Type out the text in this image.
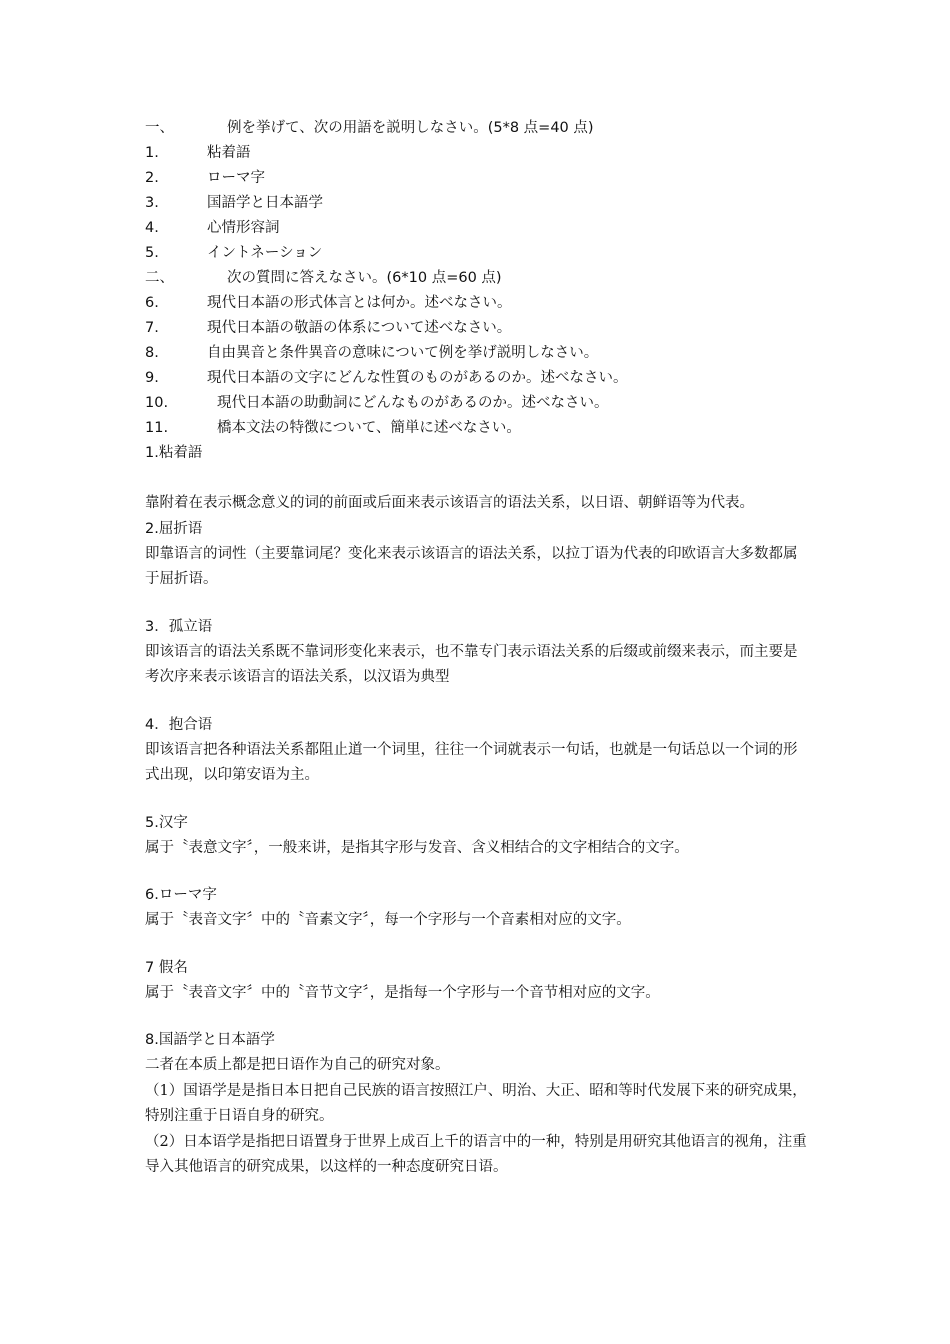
一、	例を挙げて、次の用語を説明しなさい。(5*8 点=40 点)
1.	粘着語
2.	ローマ字
3.	国語学と日本語学
4.	心情形容詞
5.	イントネーション
二、	次の質問に答えなさい。(6*10 点=60 点)
6.	現代日本語の形式体言とは何か。述べなさい。
7.	現代日本語の敬語の体系について述べなさい。
8.	自由異音と条件異音の意味について例を挙げ説明しなさい。
9.	現代日本語の文字にどんな性質のものがあるのか。述べなさい。
10.	現代日本語の助動詞にどんなものがあるのか。述べなさい。
11.	橋本文法の特徴について、簡単に述べなさい。
1.粘着語
靠附着在表示概念意义的词的前面或后面来表示该语言的语法关系，以日语、朝鲜语等为代表。
2.屈折语
即靠语言的词性（主要靠词尾？变化来表示该语言的语法关系，以拉丁语为代表的印欧语言大多数都属于屈折语。
3．孤立语
即该语言的语法关系既不靠词形变化来表示，也不靠专门表示语法关系的后缀或前缀来表示，而主要是考次序来表示该语言的语法关系，以汉语为典型
4．抱合语
即该语言把各种语法关系都阻止道一个词里，往往一个词就表示一句话，也就是一句话总以一个词的形式出现，以印第安语为主。
5.汉字
属于〝表意文字〞，一般来讲，是指其字形与发音、含义相结合的文字相结合的文字。
6.ローマ字
属于〝表音文字〞中的〝音素文字〞，每一个字形与一个音素相对应的文字。
7 假名
属于〝表音文字〞中的〝音节文字〞，是指每一个字形与一个音节相对应的文字。
8.国語学と日本語学
二者在本质上都是把日语作为自己的研究对象。
（1）国语学是是指日本日把自己民族的语言按照江户、明治、大正、昭和等时代发展下来的研究成果，特别注重于日语自身的研究。
（2）日本语学是指把日语置身于世界上成百上千的语言中的一种，特别是用研究其他语言的视角，注重导入其他语言的研究成果，以这样的一种态度研究日语。
